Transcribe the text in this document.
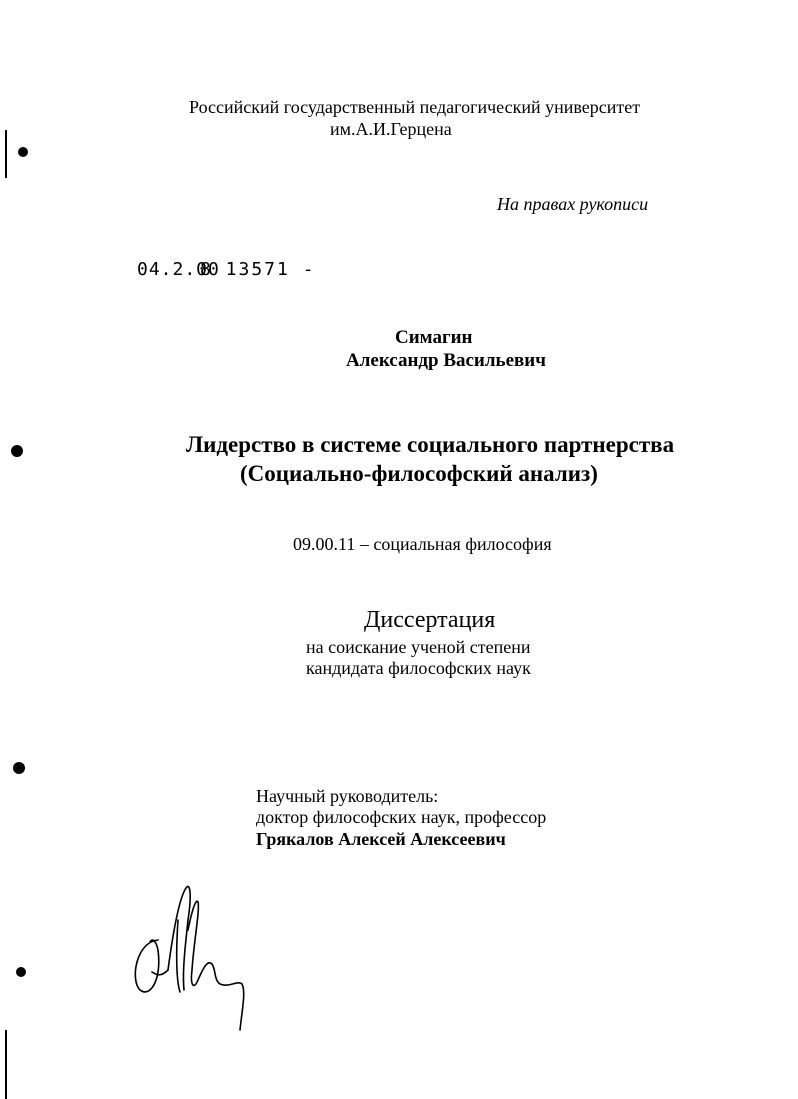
Российский государственный педагогический университет
им.А.И.Герцена
На правах рукописи
04.2.00
8 13571 -
Симагин
Александр Васильевич
Лидерство в системе социального партнерства
(Социально-философский анализ)
09.00.11 – социальная философия
Диссертация
на соискание ученой степени
кандидата философских наук
Научный руководитель:
доктор философских наук, профессор
Грякалов Алексей Алексеевич
